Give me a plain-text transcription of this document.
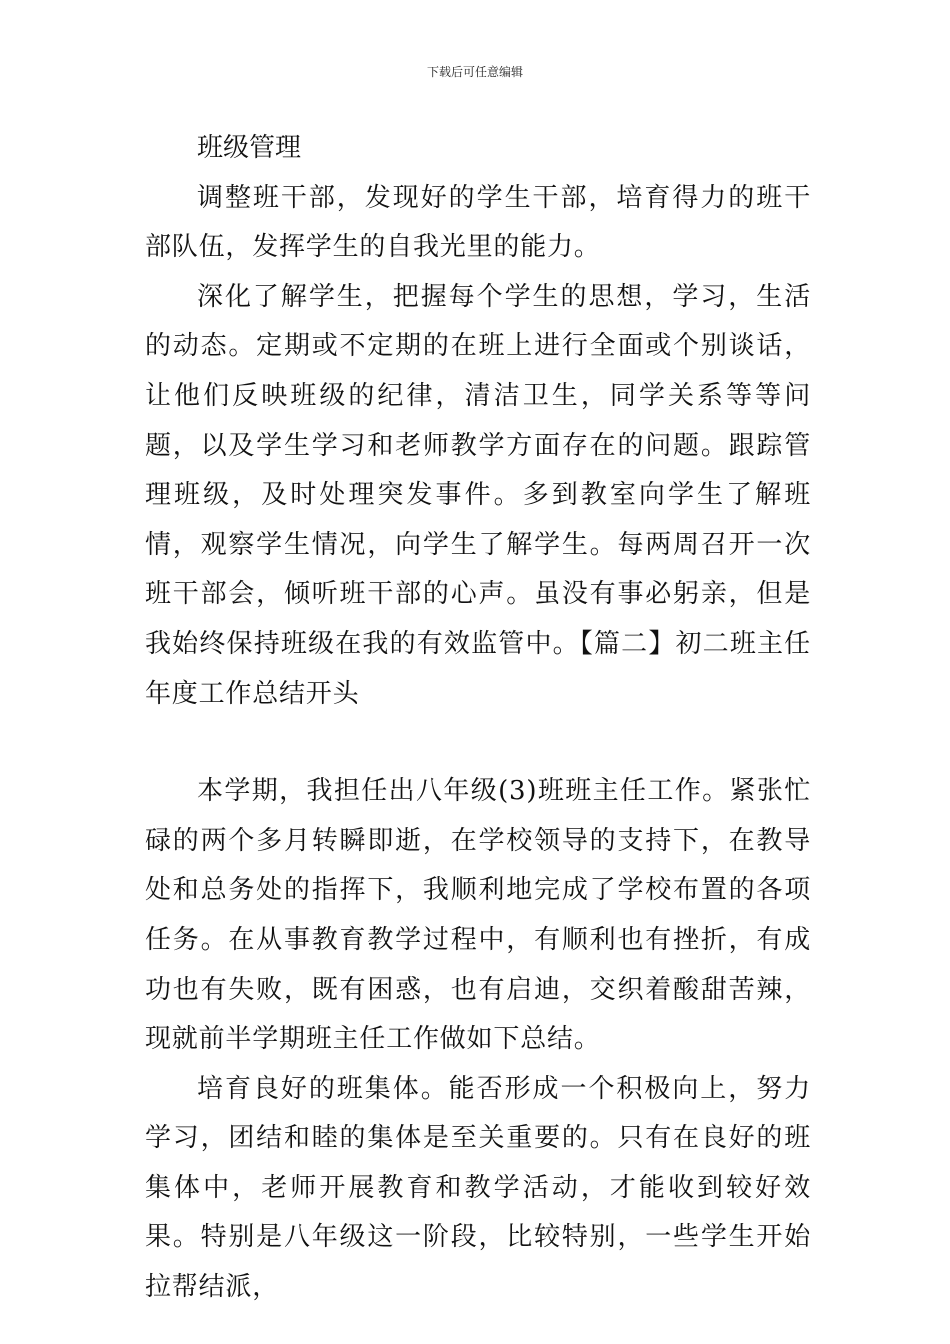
下载后可任意编辑

班级管理

调整班干部，发现好的学生干部，培育得力的班干部队伍，发挥学生的自我光里的能力。

深化了解学生，把握每个学生的思想，学习，生活的动态。定期或不定期的在班上进行全面或个别谈话，让他们反映班级的纪律，清洁卫生，同学关系等等问题，以及学生学习和老师教学方面存在的问题。跟踪管理班级，及时处理突发事件。多到教室向学生了解班情，观察学生情况，向学生了解学生。每两周召开一次班干部会，倾听班干部的心声。虽没有事必躬亲，但是我始终保持班级在我的有效监管中。【篇二】初二班主任年度工作总结开头

本学期，我担任出八年级(3)班班主任工作。紧张忙碌的两个多月转瞬即逝，在学校领导的支持下，在教导处和总务处的指挥下，我顺利地完成了学校布置的各项任务。在从事教育教学过程中，有顺利也有挫折，有成功也有失败，既有困惑，也有启迪，交织着酸甜苦辣，现就前半学期班主任工作做如下总结。

培育良好的班集体。能否形成一个积极向上，努力学习，团结和睦的集体是至关重要的。只有在良好的班集体中，老师开展教育和教学活动，才能收到较好效果。特别是八年级这一阶段，比较特别，一些学生开始拉帮结派，
